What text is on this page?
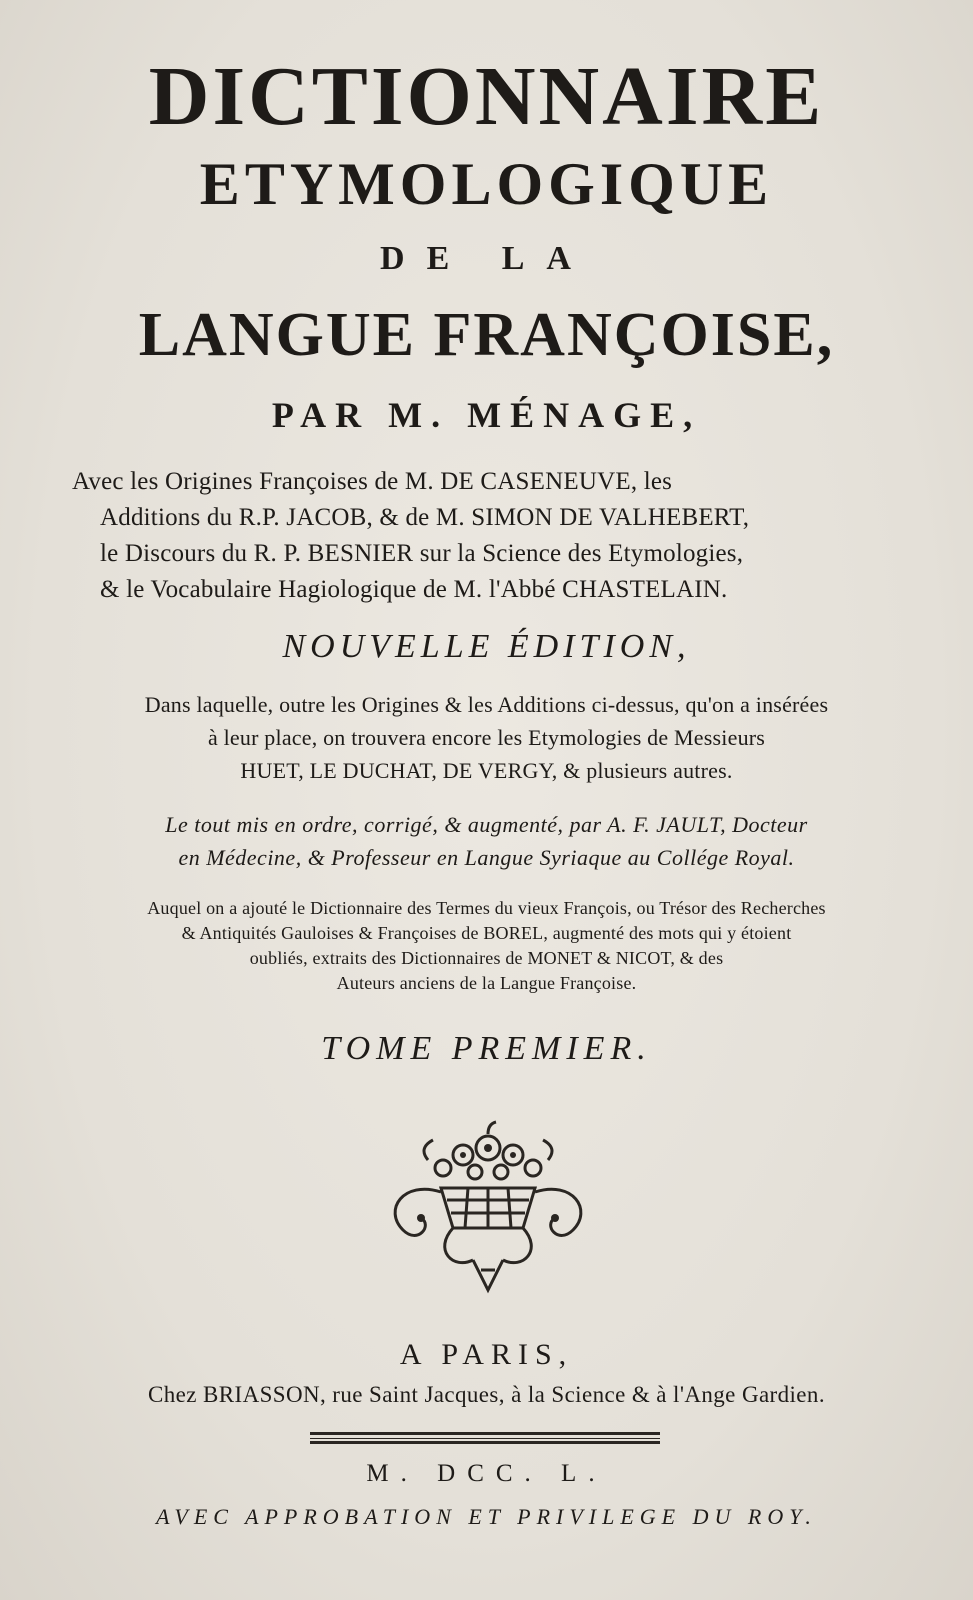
DICTIONNAIRE
ETYMOLOGIQUE
DE LA
LANGUE FRANÇOISE,
PAR M. MÉNAGE,
Avec les Origines Françoises de M. DE CASENEUVE, les
Additions du R.P. JACOB, & de M. SIMON DE VALHEBERT,
le Discours du R. P. BESNIER sur la Science des Etymologies,
& le Vocabulaire Hagiologique de M. l'Abbé CHASTELAIN.
NOUVELLE ÉDITION,
Dans laquelle, outre les Origines & les Additions ci-dessus, qu'on a insérées
à leur place, on trouvera encore les Etymologies de Messieurs
HUET, LE DUCHAT, DE VERGY, & plusieurs autres.
Le tout mis en ordre, corrigé, & augmenté, par A. F. JAULT, Docteur
en Médecine, & Professeur en Langue Syriaque au Collége Royal.
Auquel on a ajouté le Dictionnaire des Termes du vieux François, ou Trésor des Recherches
& Antiquités Gauloises & Françoises de BOREL, augmenté des mots qui y étoient
oubliés, extraits des Dictionnaires de MONET & NICOT, & des
Auteurs anciens de la Langue Françoise.
TOME PREMIER.
A PARIS,
Chez BRIASSON, rue Saint Jacques, à la Science & à l'Ange Gardien.
M. DCC. L.
AVEC APPROBATION ET PRIVILEGE DU ROY.
